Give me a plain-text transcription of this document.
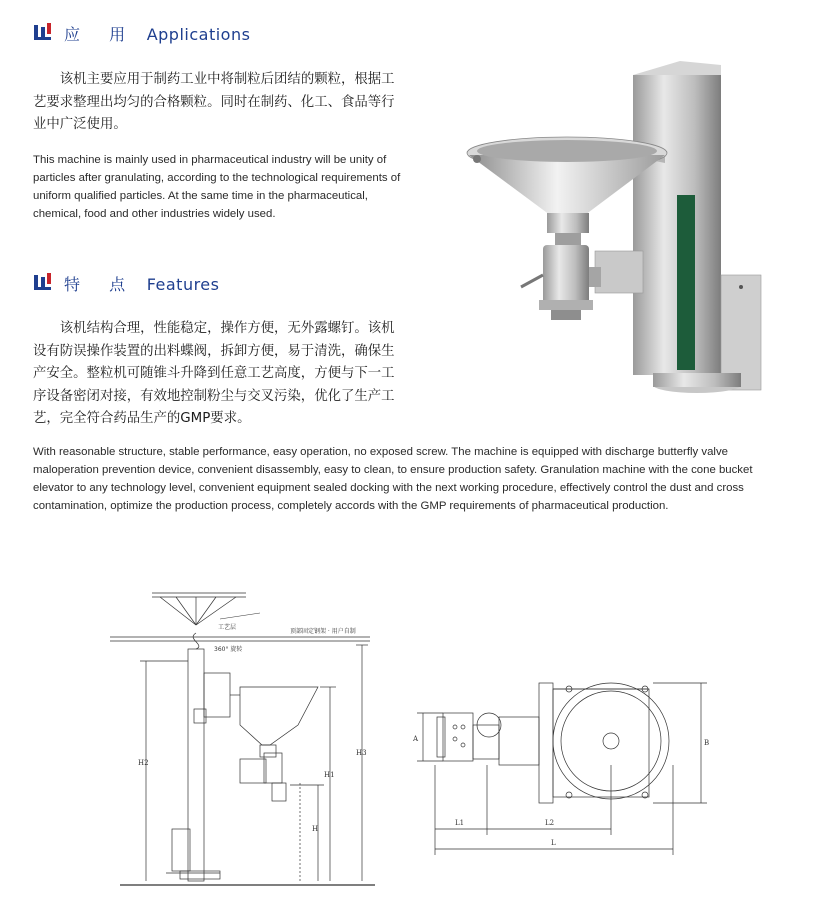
应 用 Applications
该机主要应用于制药工业中将制粒后团结的颗粒，根据工艺要求整理出均匀的合格颗粒。同时在制药、化工、食品等行业中广泛使用。
This machine is mainly used in pharmaceutical industry will be unity of particles after granulating, according to the technological requirements of uniform qualified particles. At the same time in the pharmaceutical, chemical, food and other industries widely used.
特 点 Features
该机结构合理，性能稳定，操作方便，无外露螺钉。该机设有防误操作装置的出料蝶阀，拆卸方便，易于清洗，确保生产安全。整粒机可随锥斗升降到任意工艺高度，方便与下一工序设备密闭对接，有效地控制粉尘与交叉污染，优化了生产工艺，完全符合药品生产的GMP要求。
With reasonable structure, stable performance, easy operation, no exposed screw. The machine is equipped with discharge butterfly valve maloperation prevention device, convenient disassembly, easy to clean, to ensure production safety. Granulation machine with the cone bucket elevator to any technology level, convenient equipment sealed docking with the next working procedure, effectively control the dust and cross contamination, optimize the production process, completely accords with the GMP requirements of pharmaceutical production.
工艺层
顶部固定钢架 · 用户自制
360° 旋转
H2
H1
H3
H
A	B
L1	L2
L
